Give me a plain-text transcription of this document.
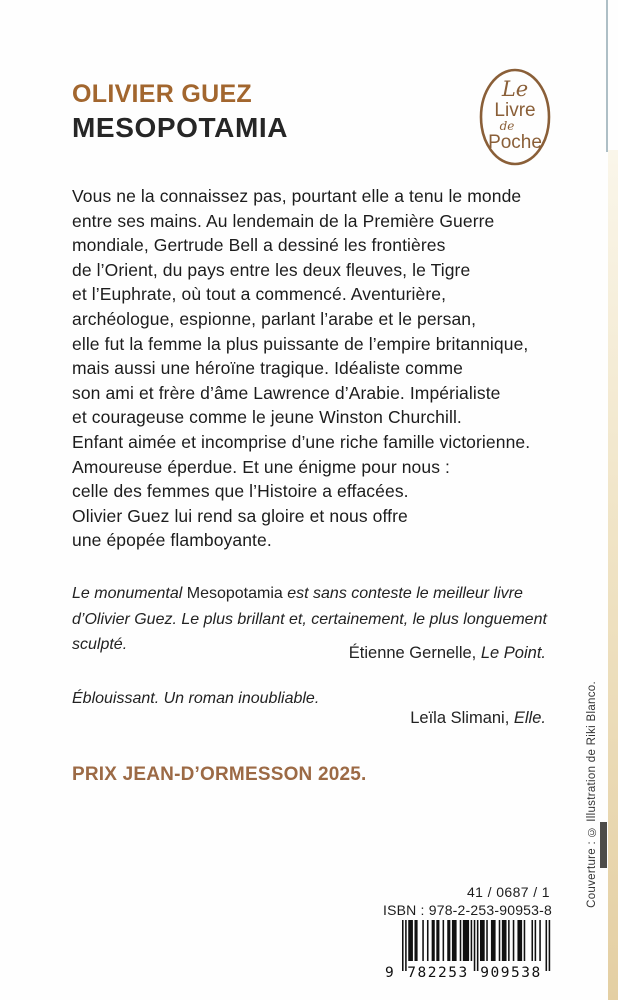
OLIVIER GUEZ
MESOPOTAMIA
Le
Livre
de
Poche
Vous ne la connaissez pas, pourtant elle a tenu le monde
entre ses mains. Au lendemain de la Première Guerre
mondiale, Gertrude Bell a dessiné les frontières
de l’Orient, du pays entre les deux fleuves, le Tigre
et l’Euphrate, où tout a commencé. Aventurière,
archéologue, espionne, parlant l’arabe et le persan,
elle fut la femme la plus puissante de l’empire britannique,
mais aussi une héroïne tragique. Idéaliste comme
son ami et frère d’âme Lawrence d’Arabie. Impérialiste
et courageuse comme le jeune Winston Churchill.
Enfant aimée et incomprise d’une riche famille victorienne.
Amoureuse éperdue. Et une énigme pour nous :
celle des femmes que l’Histoire a effacées.
Olivier Guez lui rend sa gloire et nous offre
une épopée flamboyante.
Le monumental Mesopotamia est sans conteste le meilleur livre
d’Olivier Guez. Le plus brillant et, certainement, le plus longuement
sculpté.	Étienne Gernelle, Le Point.
Éblouissant. Un roman inoubliable.
Leïla Slimani, Elle.
PRIX JEAN-D’ORMESSON 2025.
41 / 0687 / 1
ISBN : 978-2-253-90953-8
9 782253 909538
Couverture : © Illustration de Riki Blanco.
